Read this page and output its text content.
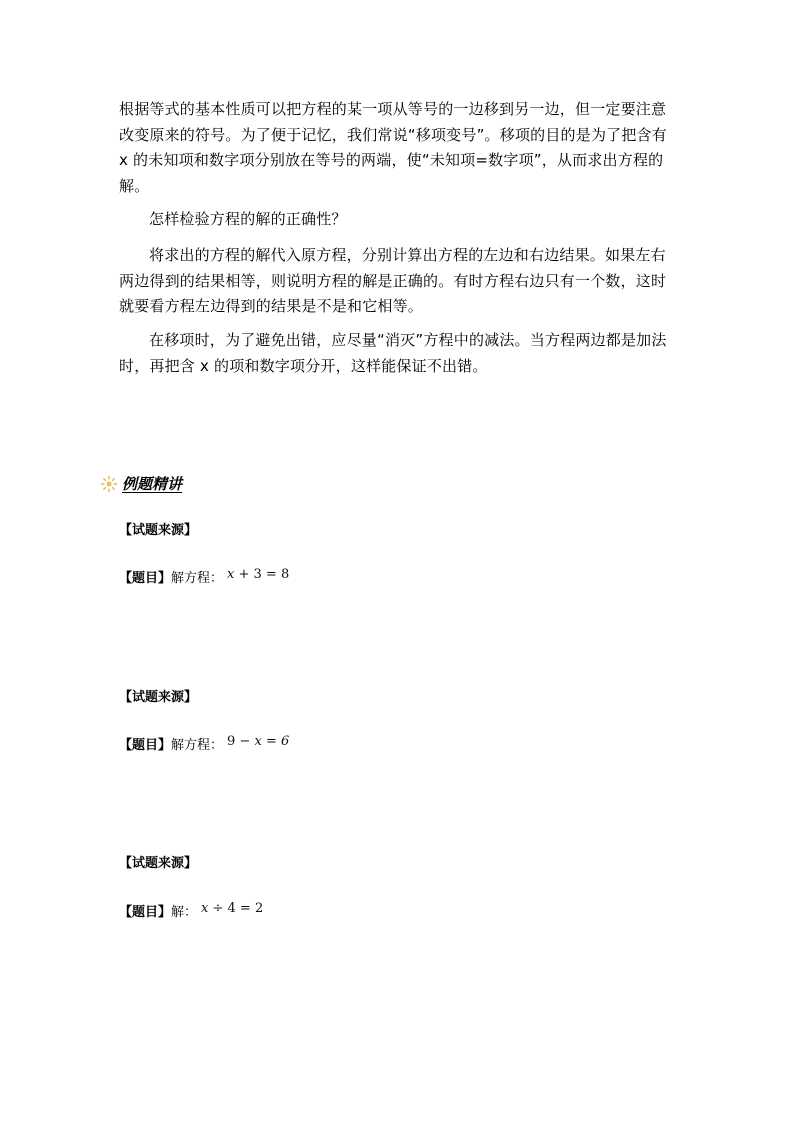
根据等式的基本性质可以把方程的某一项从等号的一边移到另一边，但一定要注意改变原来的符号。为了便于记忆，我们常说“移项变号”。移项的目的是为了把含有 x 的未知项和数字项分别放在等号的两端，使“未知项=数字项”，从而求出方程的解。

怎样检验方程的解的正确性？

将求出的方程的解代入原方程，分别计算出方程的左边和右边结果。如果左右两边得到的结果相等，则说明方程的解是正确的。有时方程右边只有一个数，这时就要看方程左边得到的结果是不是和它相等。

在移项时，为了避免出错，应尽量“消灭”方程中的减法。当方程两边都是加法时，再把含 x 的项和数字项分开，这样能保证不出错。

例题精讲
【试题来源】
【题目】 解方程： x + 3 = 8
【试题来源】
【题目】 解方程： 9 − x = 6
【试题来源】
【题目】 解： x ÷ 4 = 2
